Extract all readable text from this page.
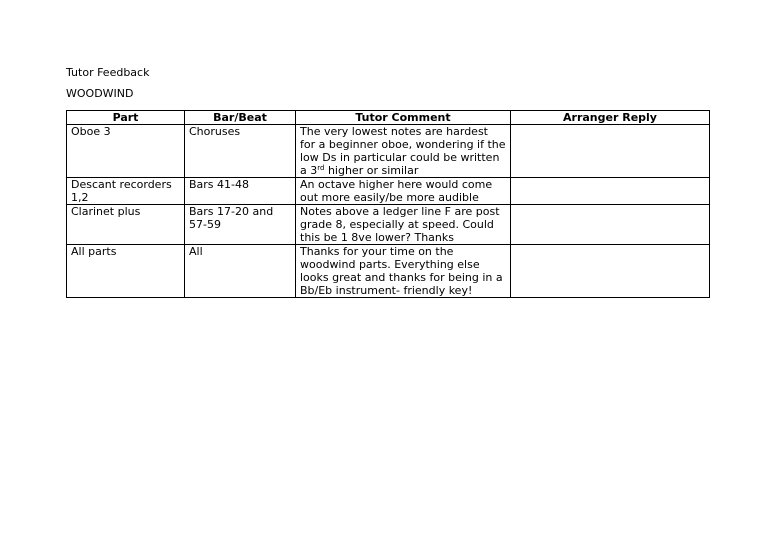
Tutor Feedback
WOODWIND
Part	Bar/Beat	Tutor Comment	Arranger Reply
Oboe 3	Choruses	The very lowest notes are hardest for a beginner oboe, wondering if the low Ds in particular could be written a 3rd higher or similar	
Descant recorders 1,2	Bars 41-48	An octave higher here would come out more easily/be more audible	
Clarinet plus	Bars 17-20 and 57-59	Notes above a ledger line F are post grade 8, especially at speed. Could this be 1 8ve lower? Thanks	
All parts	All	Thanks for your time on the woodwind parts. Everything else looks great and thanks for being in a Bb/Eb instrument- friendly key!	
